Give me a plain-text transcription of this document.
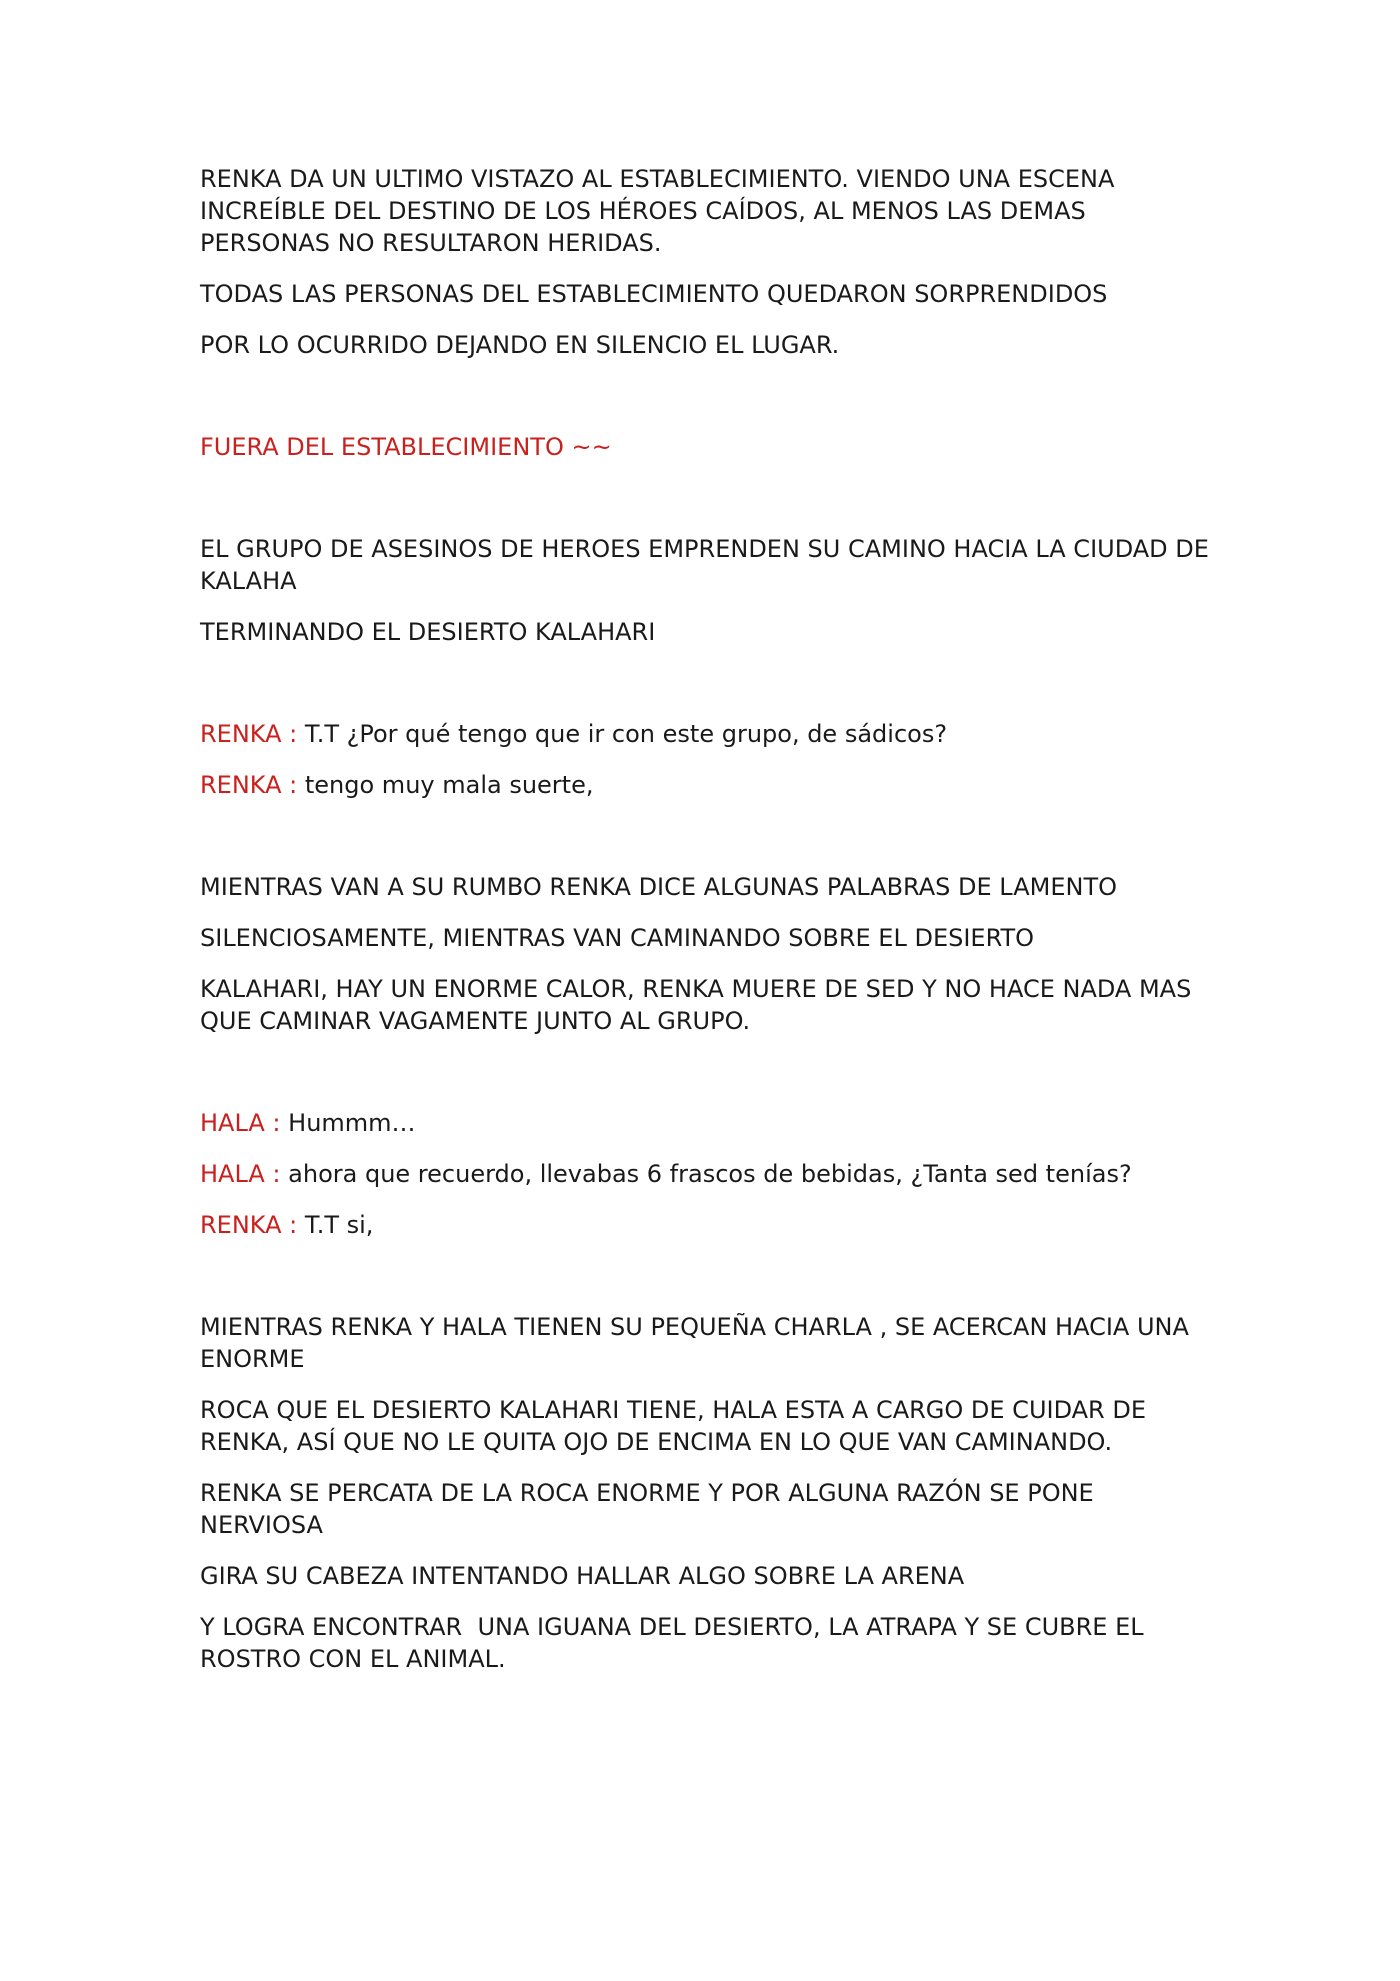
RENKA DA UN ULTIMO VISTAZO AL ESTABLECIMIENTO. VIENDO UNA ESCENA INCREÍBLE DEL DESTINO DE LOS HÉROES CAÍDOS, AL MENOS LAS DEMAS PERSONAS NO RESULTARON HERIDAS.

TODAS LAS PERSONAS DEL ESTABLECIMIENTO QUEDARON SORPRENDIDOS

POR LO OCURRIDO DEJANDO EN SILENCIO EL LUGAR.

FUERA DEL ESTABLECIMIENTO ~~

EL GRUPO DE ASESINOS DE HEROES EMPRENDEN SU CAMINO HACIA LA CIUDAD DE KALAHA

TERMINANDO EL DESIERTO KALAHARI

RENKA : T.T ¿Por qué tengo que ir con este grupo, de sádicos?

RENKA : tengo muy mala suerte,

MIENTRAS VAN A SU RUMBO RENKA DICE ALGUNAS PALABRAS DE LAMENTO

SILENCIOSAMENTE, MIENTRAS VAN CAMINANDO SOBRE EL DESIERTO

KALAHARI, HAY UN ENORME CALOR, RENKA MUERE DE SED Y NO HACE NADA MAS QUE CAMINAR VAGAMENTE JUNTO AL GRUPO.

HALA : Hummm…

HALA : ahora que recuerdo, llevabas 6 frascos de bebidas, ¿Tanta sed tenías?

RENKA : T.T si,

MIENTRAS RENKA Y HALA TIENEN SU PEQUEÑA CHARLA , SE ACERCAN HACIA UNA ENORME

ROCA QUE EL DESIERTO KALAHARI TIENE, HALA ESTA A CARGO DE CUIDAR DE RENKA, ASÍ QUE NO LE QUITA OJO DE ENCIMA EN LO QUE VAN CAMINANDO.

RENKA SE PERCATA DE LA ROCA ENORME Y POR ALGUNA RAZÓN SE PONE NERVIOSA

GIRA SU CABEZA INTENTANDO HALLAR ALGO SOBRE LA ARENA

Y LOGRA ENCONTRAR  UNA IGUANA DEL DESIERTO, LA ATRAPA Y SE CUBRE EL ROSTRO CON EL ANIMAL.
